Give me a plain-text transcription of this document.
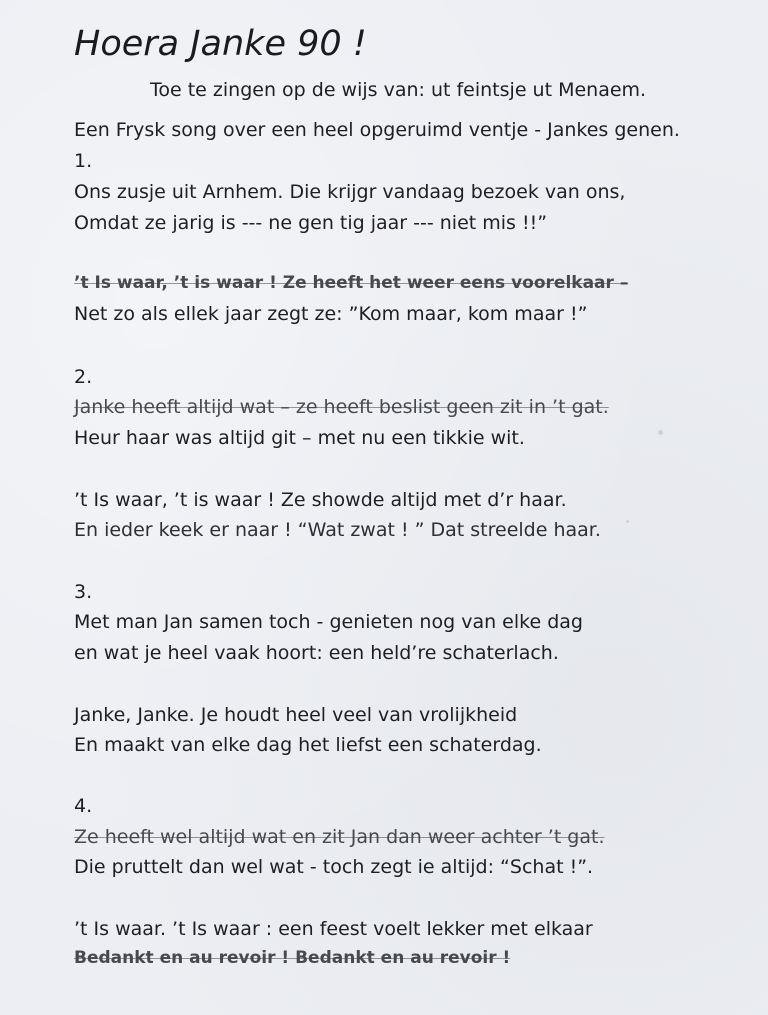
Hoera Janke 90 !
Toe te zingen op de wijs van: ut feintsje ut Menaem.
Een Frysk song over een heel opgeruimd ventje - Jankes genen.
1.
Ons zusje uit Arnhem. Die krijgr vandaag bezoek van ons,
Omdat ze jarig is --- ne gen tig jaar --- niet mis !!”
’t Is waar, ’t is waar ! Ze heeft het weer eens voorelkaar –
Net zo als ellek jaar zegt ze: ”Kom maar, kom maar !”
2.
Janke heeft altijd wat – ze heeft beslist geen zit in ’t gat.
Heur haar was altijd git – met nu een tikkie wit.
’t Is waar, ’t is waar ! Ze showde altijd met d’r haar.
En ieder keek er naar ! “Wat zwat ! ” Dat streelde haar.
3.
Met man Jan samen toch - genieten nog van elke dag
en wat je heel vaak hoort: een held’re schaterlach.
Janke, Janke. Je houdt heel veel van vrolijkheid
En maakt van elke dag het liefst een schaterdag.
4.
Ze heeft wel altijd wat en zit Jan dan weer achter ’t gat.
Die pruttelt dan wel wat - toch zegt ie altijd: “Schat !”.
’t Is waar. ’t Is waar : een feest voelt lekker met elkaar
Bedankt en au revoir ! Bedankt en au revoir !
